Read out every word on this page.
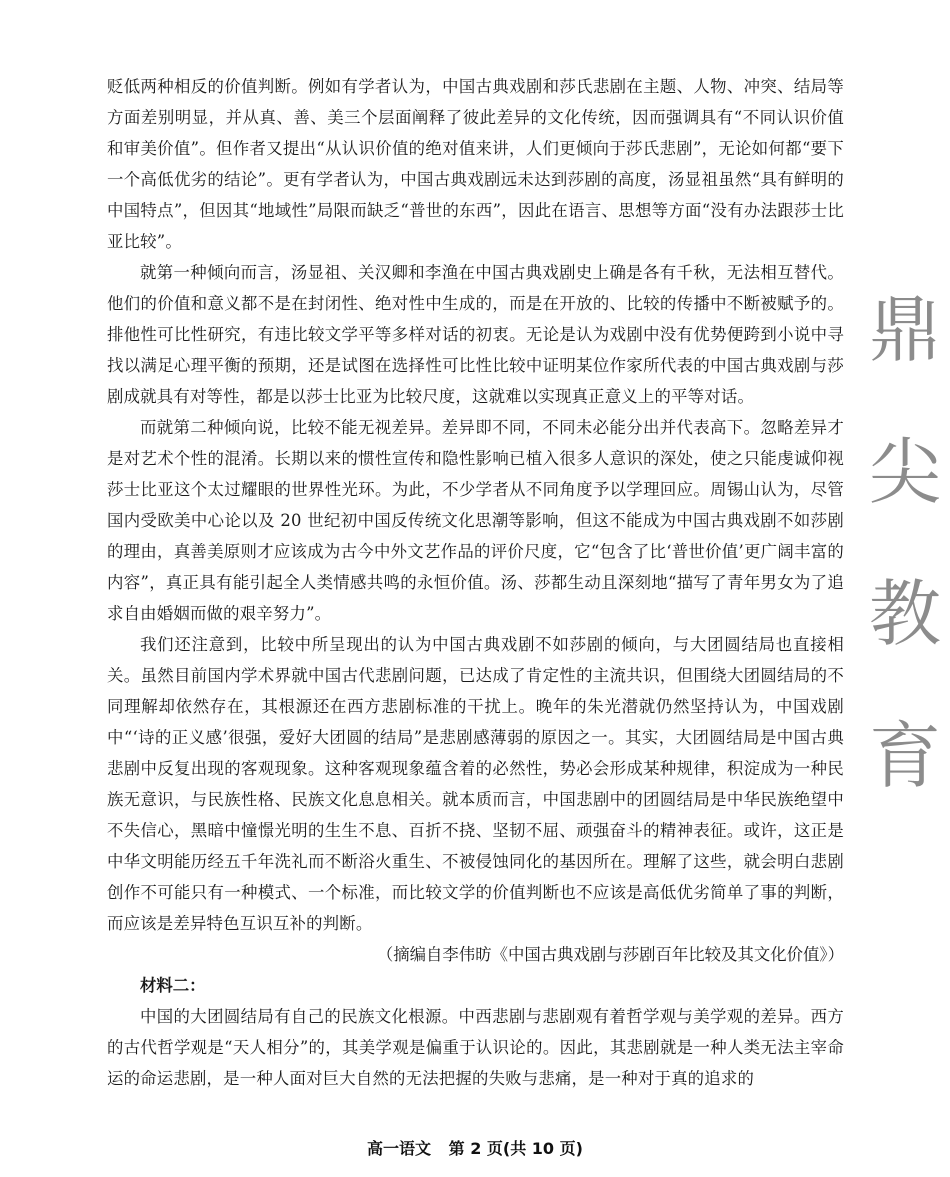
贬低两种相反的价值判断。例如有学者认为，中国古典戏剧和莎氏悲剧在主题、人物、冲突、结局等方面差别明显，并从真、善、美三个层面阐释了彼此差异的文化传统，因而强调具有“不同认识价值和审美价值”。但作者又提出“从认识价值的绝对值来讲，人们更倾向于莎氏悲剧”，无论如何都“要下一个高低优劣的结论”。更有学者认为，中国古典戏剧远未达到莎剧的高度，汤显祖虽然“具有鲜明的中国特点”，但因其“地域性”局限而缺乏“普世的东西”，因此在语言、思想等方面“没有办法跟莎士比亚比较”。

就第一种倾向而言，汤显祖、关汉卿和李渔在中国古典戏剧史上确是各有千秋，无法相互替代。他们的价值和意义都不是在封闭性、绝对性中生成的，而是在开放的、比较的传播中不断被赋予的。排他性可比性研究，有违比较文学平等多样对话的初衷。无论是认为戏剧中没有优势便跨到小说中寻找以满足心理平衡的预期，还是试图在选择性可比性比较中证明某位作家所代表的中国古典戏剧与莎剧成就具有对等性，都是以莎士比亚为比较尺度，这就难以实现真正意义上的平等对话。

而就第二种倾向说，比较不能无视差异。差异即不同，不同未必能分出并代表高下。忽略差异才是对艺术个性的混淆。长期以来的惯性宣传和隐性影响已植入很多人意识的深处，使之只能虔诚仰视莎士比亚这个太过耀眼的世界性光环。为此，不少学者从不同角度予以学理回应。周锡山认为，尽管国内受欧美中心论以及 20 世纪初中国反传统文化思潮等影响，但这不能成为中国古典戏剧不如莎剧的理由，真善美原则才应该成为古今中外文艺作品的评价尺度，它“包含了比‘普世价值’更广阔丰富的内容”，真正具有能引起全人类情感共鸣的永恒价值。汤、莎都生动且深刻地“描写了青年男女为了追求自由婚姻而做的艰辛努力”。

我们还注意到，比较中所呈现出的认为中国古典戏剧不如莎剧的倾向，与大团圆结局也直接相关。虽然目前国内学术界就中国古代悲剧问题，已达成了肯定性的主流共识，但围绕大团圆结局的不同理解却依然存在，其根源还在西方悲剧标准的干扰上。晚年的朱光潜就仍然坚持认为，中国戏剧中“‘诗的正义感’很强，爱好大团圆的结局”是悲剧感薄弱的原因之一。其实，大团圆结局是中国古典悲剧中反复出现的客观现象。这种客观现象蕴含着的必然性，势必会形成某种规律，积淀成为一种民族无意识，与民族性格、民族文化息息相关。就本质而言，中国悲剧中的团圆结局是中华民族绝望中不失信心，黑暗中憧憬光明的生生不息、百折不挠、坚韧不屈、顽强奋斗的精神表征。或许，这正是中华文明能历经五千年洗礼而不断浴火重生、不被侵蚀同化的基因所在。理解了这些，就会明白悲剧创作不可能只有一种模式、一个标准，而比较文学的价值判断也不应该是高低优劣简单了事的判断，而应该是差异特色互识互补的判断。

（摘编自李伟昉《中国古典戏剧与莎剧百年比较及其文化价值》）

材料二：

中国的大团圆结局有自己的民族文化根源。中西悲剧与悲剧观有着哲学观与美学观的差异。西方的古代哲学观是“天人相分”的，其美学观是偏重于认识论的。因此，其悲剧就是一种人类无法主宰命运的命运悲剧，是一种人面对巨大自然的无法把握的失败与悲痛，是一种对于真的追求的

鼎
尖
教
育
高一语文 第 2 页(共 10 页)
